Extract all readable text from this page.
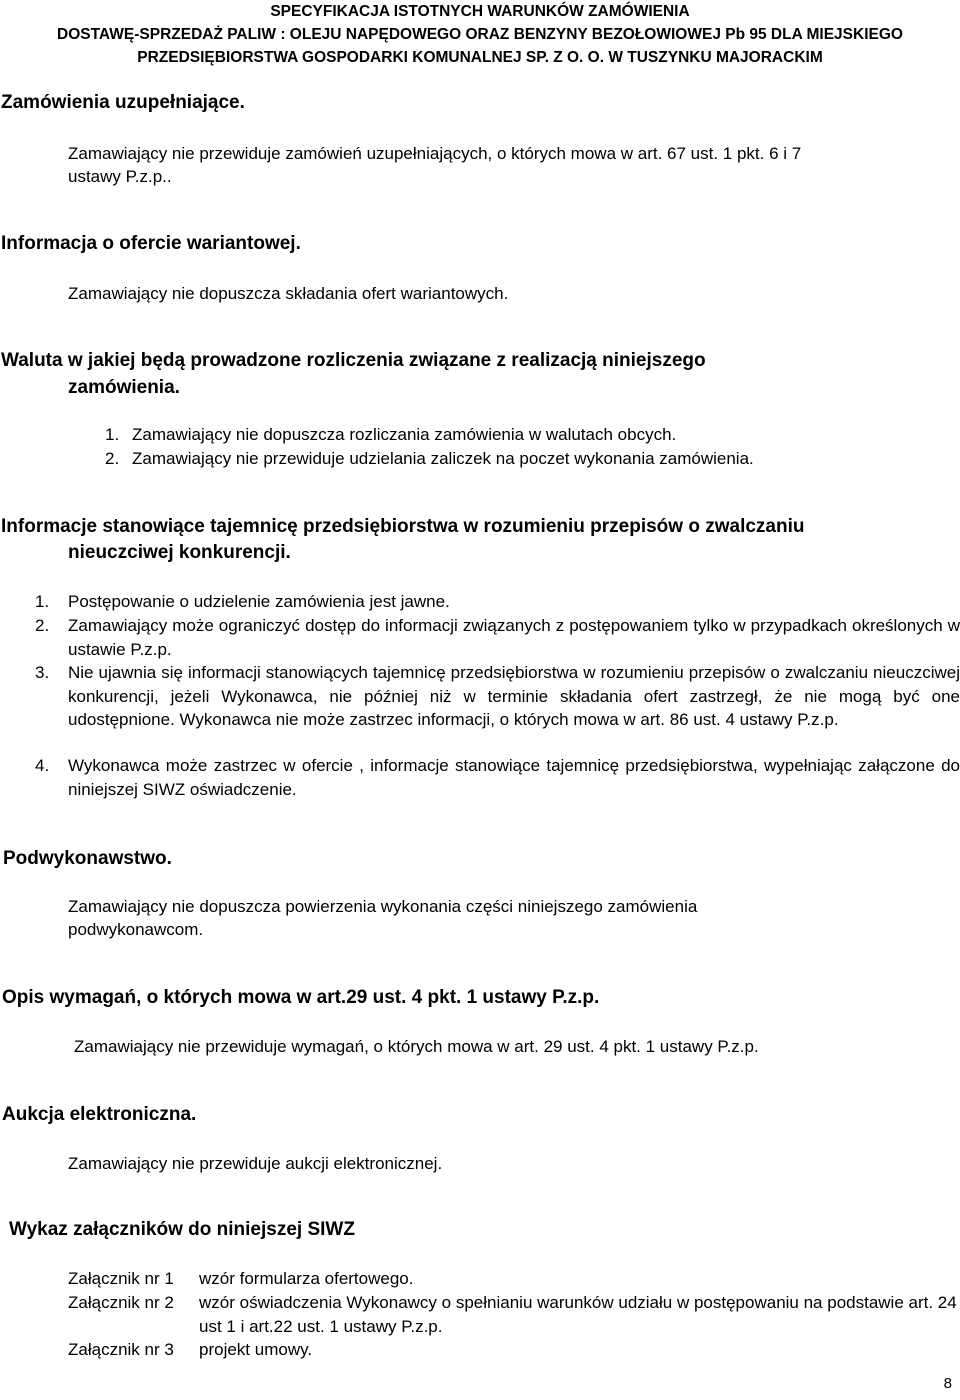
SPECYFIKACJA ISTOTNYCH WARUNKÓW ZAMÓWIENIA
DOSTAWĘ-SPRZEDAŻ PALIW : OLEJU NAPĘDOWEGO ORAZ BENZYNY BEZOŁOWIOWEJ Pb 95 DLA MIEJSKIEGO
PRZEDSIĘBIORSTWA GOSPODARKI KOMUNALNEJ SP. Z O. O. W TUSZYNKU MAJORACKIM
Zamówienia uzupełniające.
Zamawiający nie przewiduje zamówień uzupełniających, o których mowa w art. 67 ust. 1 pkt. 6 i 7
ustawy P.z.p..
Informacja o ofercie wariantowej.
Zamawiający nie dopuszcza składania ofert wariantowych.
Waluta w jakiej będą prowadzone rozliczenia związane z realizacją niniejszego
zamówienia.
1. Zamawiający nie dopuszcza rozliczania zamówienia w walutach obcych.
2. Zamawiający nie przewiduje udzielania zaliczek na poczet wykonania zamówienia.
Informacje stanowiące tajemnicę przedsiębiorstwa w rozumieniu przepisów o zwalczaniu
nieuczciwej konkurencji.
1. Postępowanie o udzielenie zamówienia jest jawne.
2. Zamawiający może ograniczyć dostęp do informacji związanych z postępowaniem tylko w przypadkach określonych w ustawie P.z.p.
3. Nie ujawnia się informacji stanowiących tajemnicę przedsiębiorstwa w rozumieniu przepisów o zwalczaniu nieuczciwej konkurencji, jeżeli Wykonawca, nie później niż w terminie składania ofert zastrzegł, że nie mogą być one udostępnione. Wykonawca nie może zastrzec informacji, o których mowa w art. 86 ust. 4 ustawy P.z.p.
4. Wykonawca może zastrzec w ofercie , informacje stanowiące tajemnicę przedsiębiorstwa, wypełniając załączone do niniejszej SIWZ oświadczenie.
Podwykonawstwo.
Zamawiający nie dopuszcza powierzenia wykonania części niniejszego zamówienia
podwykonawcom.
Opis wymagań, o których mowa w art.29 ust. 4 pkt. 1 ustawy P.z.p.
Zamawiający nie przewiduje wymagań, o których mowa w art. 29 ust. 4 pkt. 1 ustawy P.z.p.
Aukcja elektroniczna.
Zamawiający nie przewiduje aukcji elektronicznej.
Wykaz załączników do niniejszej SIWZ
Załącznik nr 1 wzór formularza ofertowego.
Załącznik nr 2 wzór oświadczenia Wykonawcy o spełnianiu warunków udziału w postępowaniu na podstawie art. 24 ust 1 i art.22 ust. 1 ustawy P.z.p.
Załącznik nr 3 projekt umowy.
8
